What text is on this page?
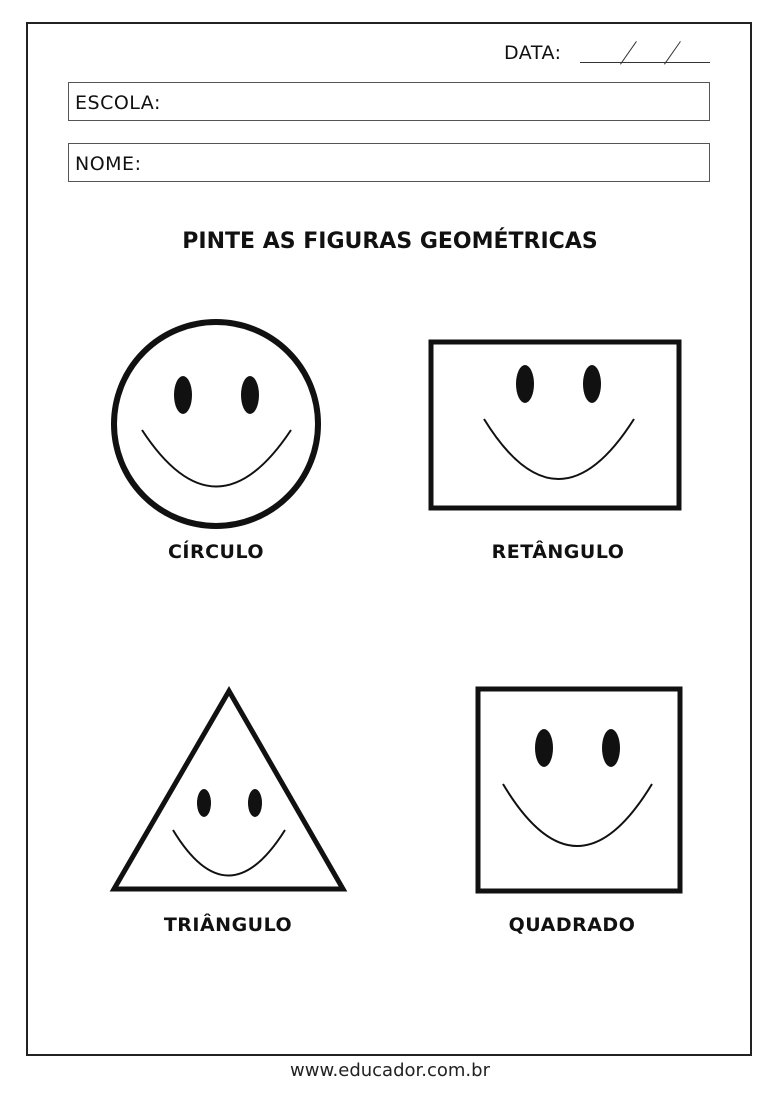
DATA:
ESCOLA:
NOME:
PINTE AS FIGURAS GEOMÉTRICAS
CÍRCULO	RETÂNGULO
TRIÂNGULO	QUADRADO
www.educador.com.br
